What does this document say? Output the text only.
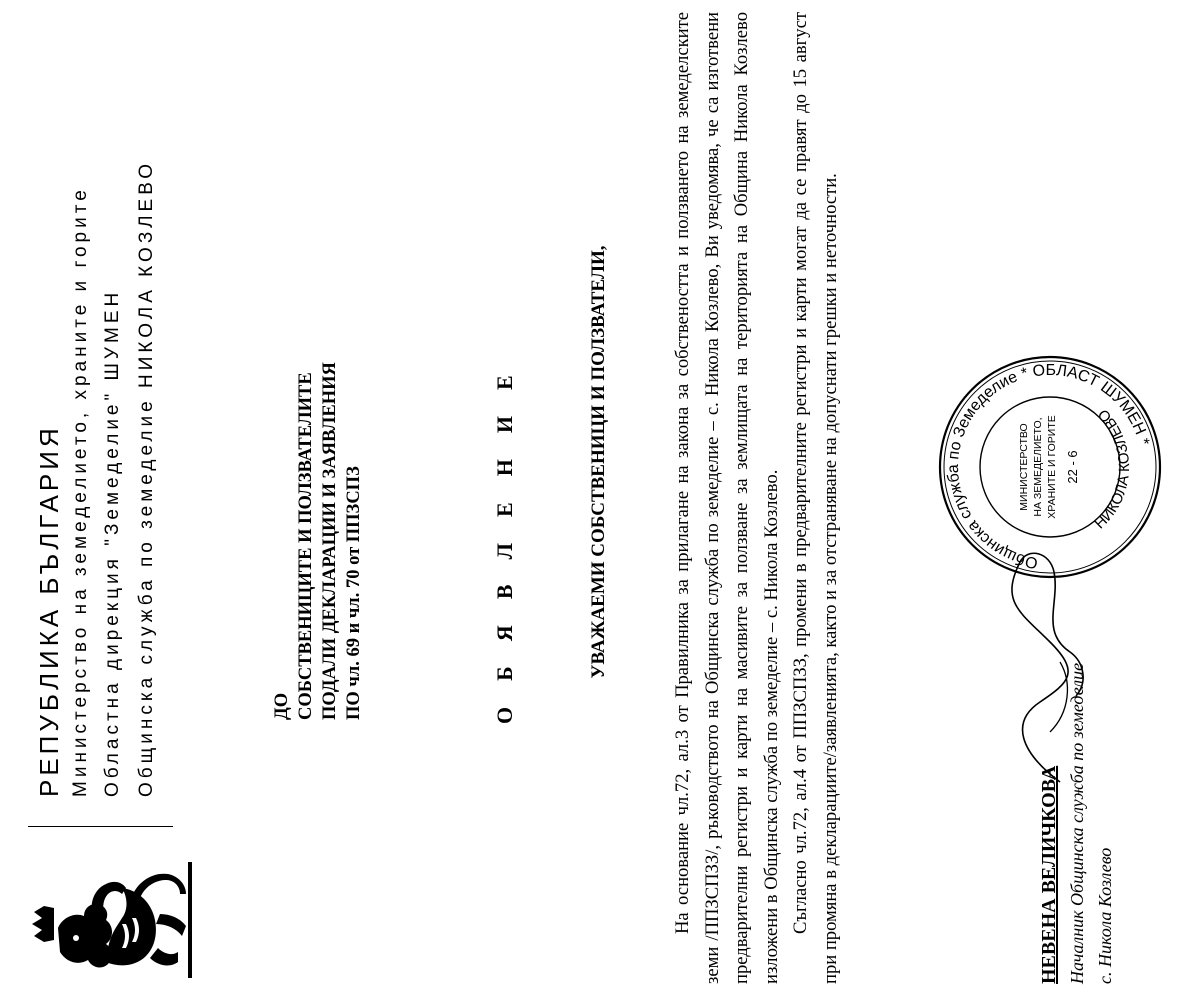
РЕПУБЛИКА БЪЛГАРИЯ Министерство на земеделието, храните и горите Областна дирекция "Земеделие" ШУМЕН Общинска служба по земеделие НИКОЛА КОЗЛЕВО	ДО СОБСТВЕНИЦИТЕ И ПОЛЗВАТЕЛИТЕ ПОДАЛИ ДЕКЛАРАЦИИ И ЗАЯВЛЕНИЯ ПО чл. 69 и чл. 70 от ППЗСПЗ	ОБЯВЛЕНИЕ	УВАЖАЕМИ СОБСТВЕНИЦИ И ПОЛЗВАТЕЛИ,	На основание чл.72, ал.3 от Правилника за прилагане на закона за собствеността и ползването на земеделските земи /ППЗСПЗЗ/, ръководството на Общинска служба по земеделие – с. Никола Козлево, Ви уведомява, че са изготвени предварителни регистри и карти на масивите за ползване за землищата на територията на Община Никола Козлево изложени в Общинска служба по земеделие – с. Никола Козлево. Съгласно чл.72, ал.4 от ППЗСПЗЗ, промени в предварителните регистри и карти могат да се правят до 15 август при промяна в декларациите/заявленията, както и за отстраняване на допуснати грешки и неточности.	Общинска служба по Земеделие * ОБЛАСТ ШУМЕН *
НИКОЛА КОЗЛЕВО
МИНИСТЕРСТВО НА ЗЕМЕДЕЛИЕТО, ХРАНИТЕ И ГОРИТЕ 22 - 6
НЕВЕНА ВЕЛИЧКОВА Началник Общинска служба по земеделие с. Никола Козлево
